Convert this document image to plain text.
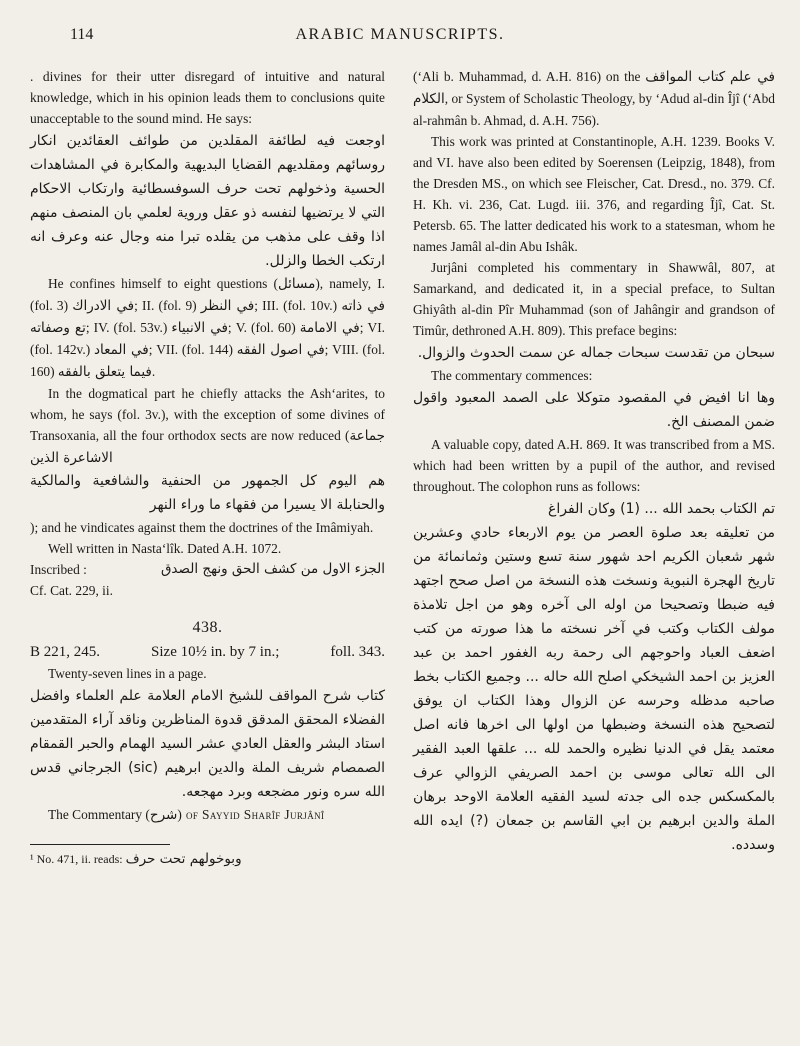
114	ARABIC MANUSCRIPTS.

. divines for their utter disregard of intuitive and natural knowledge, which in his opinion leads them to conclusions quite unacceptable to the sound mind. He says:

اوجعت فيه لطائفة المقلدين من طوائف العقائدين انكار روسائهم ومقلديهم القضايا البديهية والمكابرة في المشاهدات الحسية وذخولهم تحت حرف السوفسطائية وارتكاب الاحكام التي لا يرتضيها لنفسه ذو عقل وروية لعلمي بان المنصف منهم اذا وقف على مذهب من يقلده تبرا منه وجال عنه وعرف انه ارتكب الخطا والزلل.

He confines himself to eight questions (مسائل), namely, I. (fol. 3) في الادراك; II. (fol. 9) في النظر; III. (fol. 10v.) في ذاته تع وصفاته; IV. (fol. 53v.) في الانبياء; V. (fol. 60) في الامامة; VI. (fol. 142v.) في المعاد; VII. (fol. 144) في اصول الفقه; VIII. (fol. 160) فيما يتعلق بالفقه.

In the dogmatical part he chiefly attacks the Ash‘arites, to whom, he says (fol. 3v.), with the exception of some divines of Transoxania, all the four orthodox sects are now reduced (جماعة الاشاعرة الذين

هم اليوم كل الجمهور من الحنفية والشافعية والمالكية والحنابلة الا يسيرا من فقهاء ما وراء النهر

); and he vindicates against them the doctrines of the Imâmiyah.

Well written in Nasta‘lîk. Dated A.H. 1072.

Inscribed :	الجزء الاول من كشف الحق ونهج الصدق

Cf. Cat. 229, ii.

438.
B 221, 245.	Size 10½ in. by 7 in.;	foll. 343.

Twenty-seven lines in a page.

كتاب شرح المواقف للشيخ الامام العلامة علم العلماء وافضل الفضلاء المحقق المدقق قدوة المناظرين وناقد آراء المتقدمين استاد البشر والعقل العادي عشر السيد الهمام والحبر القمقام الصمصام شريف الملة والدين ابرهيم (sic) الجرجاني قدس الله سره ونور مضجعه وبرد مهجعه.

The Commentary (شرح) of Sayyid Sharîf Jurjânî

¹ No. 471, ii. reads: وبوخولهم تحت حرف

(‘Ali b. Muhammad, d. A.H. 816) on the كتاب المواقف في علم الكلام, or System of Scholastic Theology, by ‘Adud al-din Îjî (‘Abd al-rahmân b. Ahmad, d. A.H. 756).

This work was printed at Constantinople, A.H. 1239. Books V. and VI. have also been edited by Soerensen (Leipzig, 1848), from the Dresden MS., on which see Fleischer, Cat. Dresd., no. 379. Cf. H. Kh. vi. 236, Cat. Lugd. iii. 376, and regarding Îjî, Cat. St. Petersb. 65. The latter dedicated his work to a statesman, whom he names Jamâl al-din Abu Ishâk.

Jurjâni completed his commentary in Shawwâl, 807, at Samarkand, and dedicated it, in a special preface, to Sultan Ghiyâth al-din Pîr Muhammad (son of Jahângir and grandson of Timûr, dethroned A.H. 809). This preface begins:

سبحان من تقدست سبحات جماله عن سمت الحدوث والزوال.

The commentary commences:

وها انا افيض في المقصود متوكلا على الصمد المعبود واقول ضمن المصنف الخ.

A valuable copy, dated A.H. 869. It was transcribed from a MS. which had been written by a pupil of the author, and revised throughout. The colophon runs as follows:

تم الكتاب بحمد الله ... (1) وكان الفراغ

من تعليقه بعد صلوة العصر من يوم الاربعاء حادي وعشرين شهر شعبان الكريم احد شهور سنة تسع وستين وثمانمائة من تاريخ الهجرة النبوية ونسخت هذه النسخة من اصل صحح اجتهد فيه ضبطا وتصحيحا من اوله الى آخره وهو من اجل تلامذة مولف الكتاب وكتب في آخر نسخته ما هذا صورته من كتب اضعف العباد واحوجهم الى رحمة ربه الغفور احمد بن عبد العزيز بن احمد الشيخكي اصلح الله حاله ... وجميع الكتاب بخط صاحبه مدظله وحرسه عن الزوال وهذا الكتاب ان يوفق لتصحيح هذه النسخة وضبطها من اولها الى اخرها فانه اصل معتمد يقل في الدنيا نظيره والحمد لله ... علقها العبد الفقير الى الله تعالى موسى بن احمد الصريفي الزوالي عرف بالمكسكس جده الى جدته لسيد الفقيه العلامة الاوحد برهان الملة والدين ابرهيم بن ابي القاسم بن جمعان (?) ايده الله وسدده.
